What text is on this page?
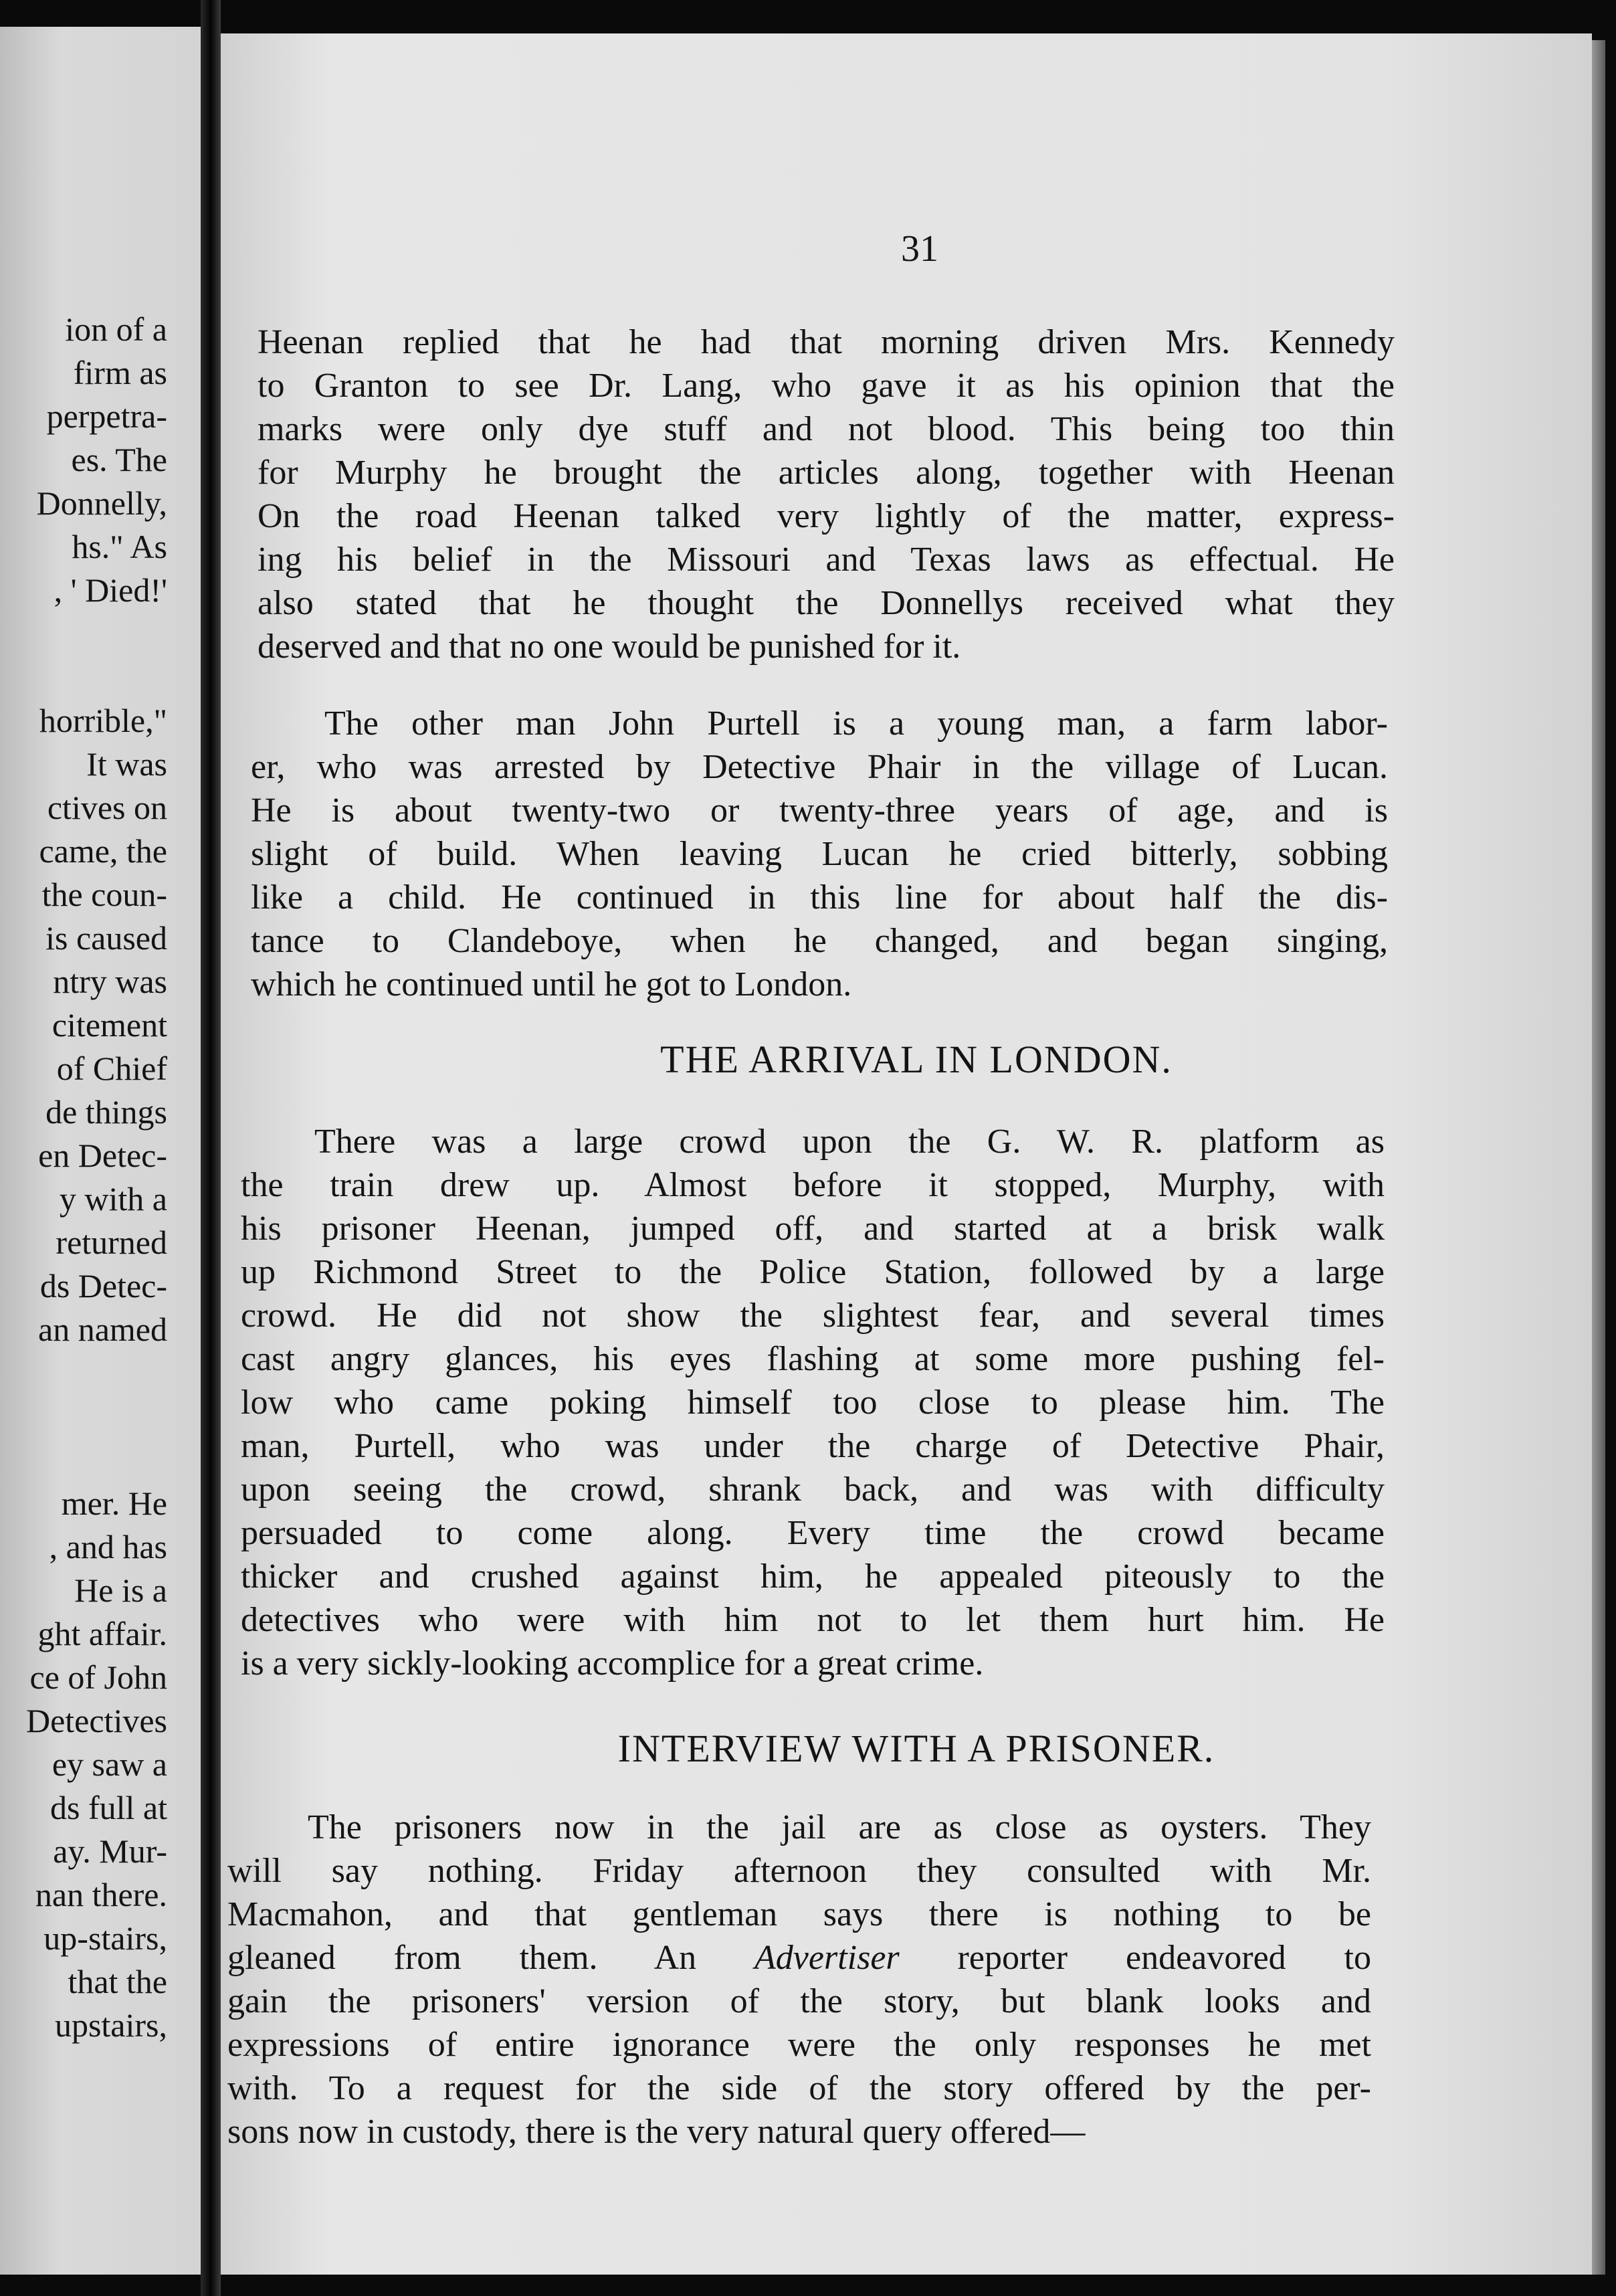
ion of a
firm as
perpetra-
es. The
Donnelly,
hs." As
, ' Died!'
horrible,"
It was
ctives on
came, the
the coun-
is caused
ntry was
citement
of Chief
de things
en Detec-
y with a
returned
ds Detec-
an named
mer. He
, and has
He is a
ght affair.
ce of John
Detectives
ey saw a
ds full at
ay. Mur-
nan there.
up-stairs,
that the
upstairs,
31
Heenan replied that he had that morning driven Mrs. Kennedy
to Granton to see Dr. Lang, who gave it as his opinion that the
marks were only dye stuff and not blood. This being too thin
for Murphy he brought the articles along, together with Heenan
On the road Heenan talked very lightly of the matter, express-
ing his belief in the Missouri and Texas laws as effectual. He
also stated that he thought the Donnellys received what they
deserved and that no one would be punished for it.
The other man John Purtell is a young man, a farm labor-
er, who was arrested by Detective Phair in the village of Lucan.
He is about twenty-two or twenty-three years of age, and is
slight of build. When leaving Lucan he cried bitterly, sobbing
like a child. He continued in this line for about half the dis-
tance to Clandeboye, when he changed, and began singing,
which he continued until he got to London.
THE ARRIVAL IN LONDON.
There was a large crowd upon the G. W. R. platform as
the train drew up. Almost before it stopped, Murphy, with
his prisoner Heenan, jumped off, and started at a brisk walk
up Richmond Street to the Police Station, followed by a large
crowd. He did not show the slightest fear, and several times
cast angry glances, his eyes flashing at some more pushing fel-
low who came poking himself too close to please him. The
man, Purtell, who was under the charge of Detective Phair,
upon seeing the crowd, shrank back, and was with difficulty
persuaded to come along. Every time the crowd became
thicker and crushed against him, he appealed piteously to the
detectives who were with him not to let them hurt him. He
is a very sickly-looking accomplice for a great crime.
INTERVIEW WITH A PRISONER.
The prisoners now in the jail are as close as oysters. They
will say nothing. Friday afternoon they consulted with Mr.
Macmahon, and that gentleman says there is nothing to be
gleaned from them. An Advertiser reporter endeavored to
gain the prisoners' version of the story, but blank looks and
expressions of entire ignorance were the only responses he met
with. To a request for the side of the story offered by the per-
sons now in custody, there is the very natural query offered—
